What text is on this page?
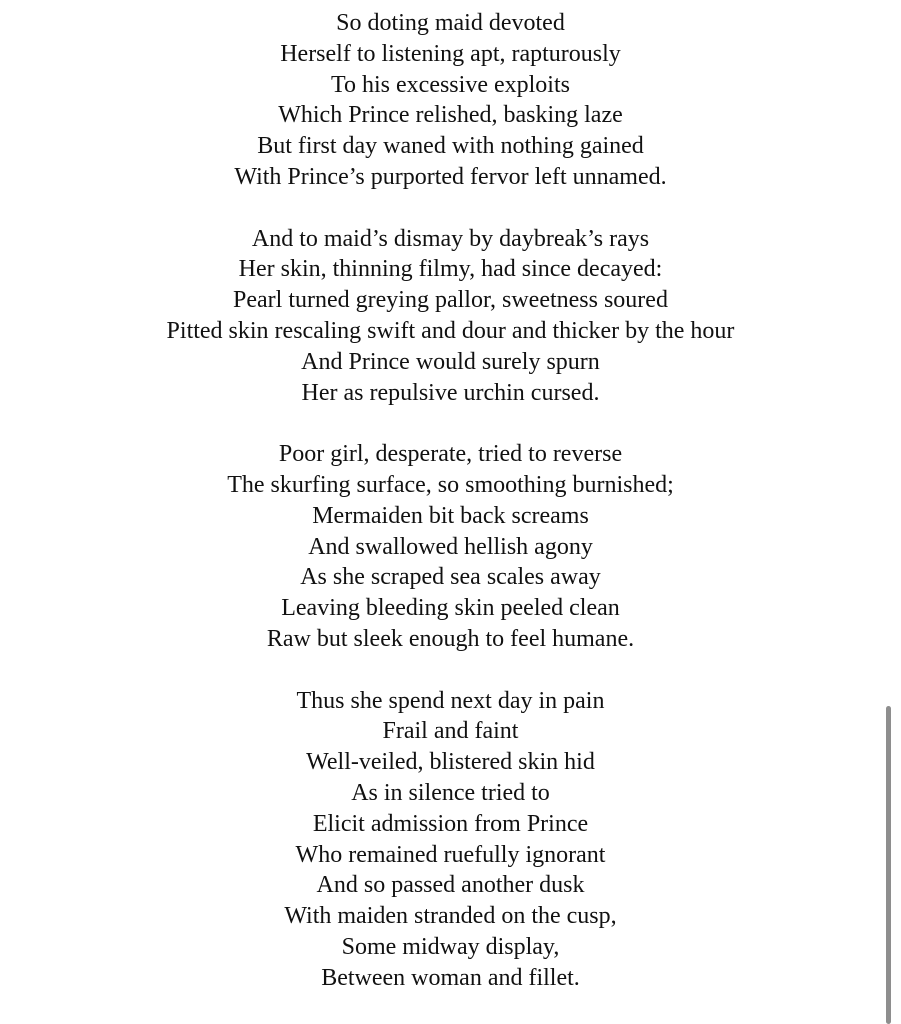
So doting maid devoted
Herself to listening apt, rapturously
To his excessive exploits
Which Prince relished, basking laze
But first day waned with nothing gained
With Prince’s purported fervor left unnamed.
And to maid’s dismay by daybreak’s rays
Her skin, thinning filmy, had since decayed:
Pearl turned greying pallor, sweetness soured
Pitted skin rescaling swift and dour and thicker by the hour
And Prince would surely spurn
Her as repulsive urchin cursed.
Poor girl, desperate, tried to reverse
The skurfing surface, so smoothing burnished;
Mermaiden bit back screams
And swallowed hellish agony
As she scraped sea scales away
Leaving bleeding skin peeled clean
Raw but sleek enough to feel humane.
Thus she spend next day in pain
Frail and faint
Well-veiled, blistered skin hid
As in silence tried to
Elicit admission from Prince
Who remained ruefully ignorant
And so passed another dusk
With maiden stranded on the cusp,
Some midway display,
Between woman and fillet.
